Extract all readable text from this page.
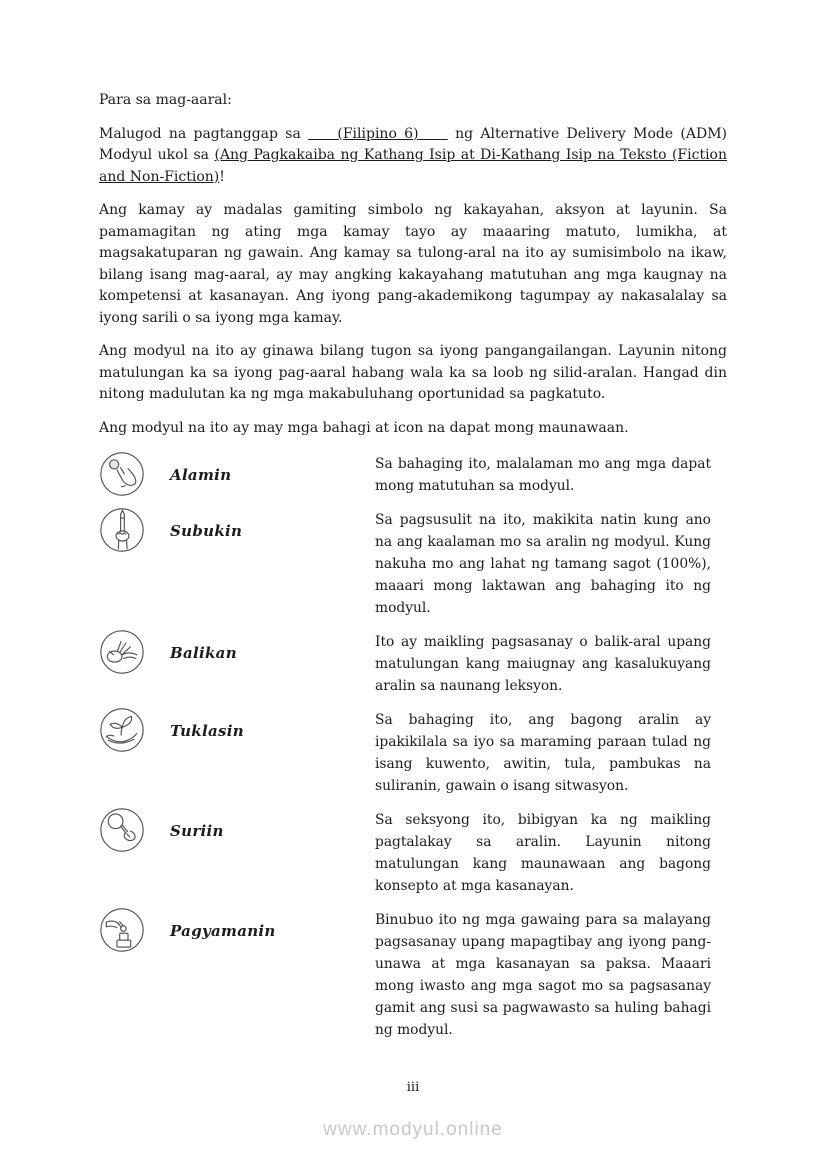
Para sa mag-aaral:

Malugod na pagtanggap sa     (Filipino 6)     ng Alternative Delivery Mode (ADM) Modyul ukol sa (Ang Pagkakaiba ng Kathang Isip at Di-Kathang Isip na Teksto (Fiction and Non-Fiction)!

Ang kamay ay madalas gamiting simbolo ng kakayahan, aksyon at layunin. Sa pamamagitan ng ating mga kamay tayo ay maaaring matuto, lumikha, at magsakatuparan ng gawain. Ang kamay sa tulong-aral na ito ay sumisimbolo na ikaw, bilang isang mag-aaral, ay may angking kakayahang matutuhan ang mga kaugnay na kompetensi at kasanayan. Ang iyong pang-akademikong tagumpay ay nakasalalay sa iyong sarili o sa iyong mga kamay.

Ang modyul na ito ay ginawa bilang tugon sa iyong pangangailangan. Layunin nitong matulungan ka sa iyong pag-aaral habang wala ka sa loob ng silid-aralan. Hangad din nitong madulutan ka ng mga makabuluhang oportunidad sa pagkatuto.

Ang modyul na ito ay may mga bahagi at icon na dapat mong maunawaan.

Alamin
Sa bahaging ito, malalaman mo ang mga dapat mong matutuhan sa modyul.
Subukin
Sa pagsusulit na ito, makikita natin kung ano na ang kaalaman mo sa aralin ng modyul. Kung nakuha mo ang lahat ng tamang sagot (100%), maaari mong laktawan ang bahaging ito ng modyul.
Balikan
Ito ay maikling pagsasanay o balik-aral upang matulungan kang maiugnay ang kasalukuyang aralin sa naunang leksyon.
Tuklasin
Sa bahaging ito, ang bagong aralin ay ipakikilala sa iyo sa maraming paraan tulad ng isang kuwento, awitin, tula, pambukas na suliranin, gawain o isang sitwasyon.
Suriin
Sa seksyong ito, bibigyan ka ng maikling pagtalakay sa aralin. Layunin nitong matulungan kang maunawaan ang bagong konsepto at mga kasanayan.
Pagyamanin
Binubuo ito ng mga gawaing para sa malayang pagsasanay upang mapagtibay ang iyong pang-unawa at mga kasanayan sa paksa. Maaari mong iwasto ang mga sagot mo sa pagsasanay gamit ang susi sa pagwawasto sa huling bahagi ng modyul.
iii
www.modyul.online
